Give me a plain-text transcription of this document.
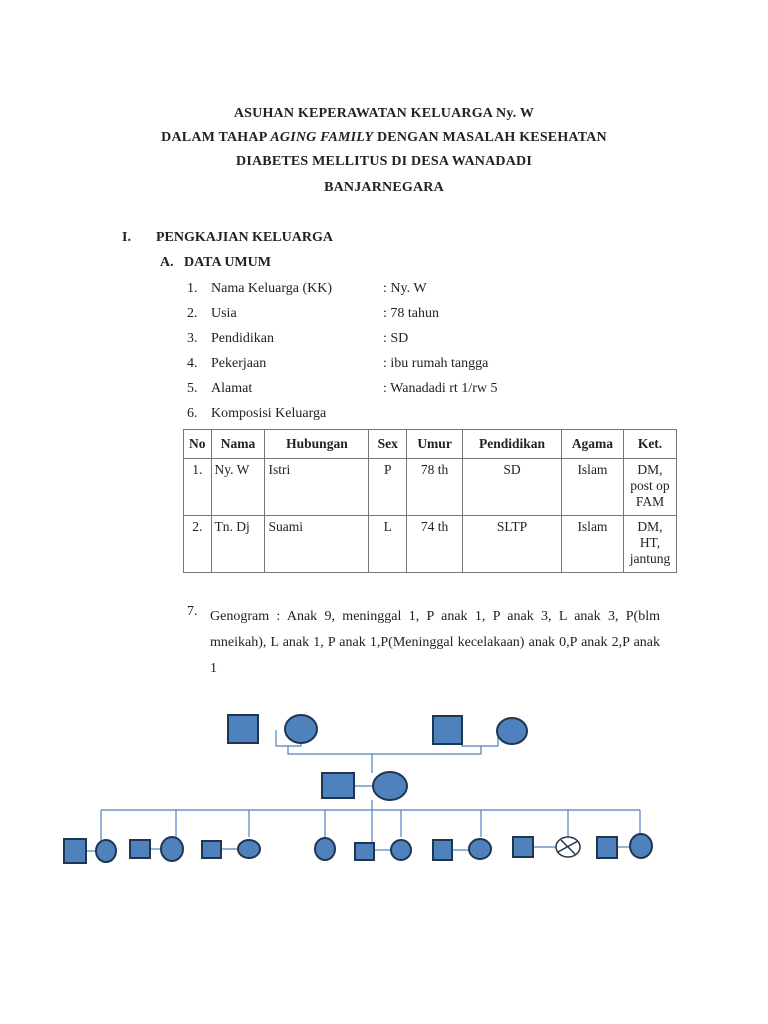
ASUHAN KEPERAWATAN KELUARGA Ny. W
DALAM TAHAP AGING FAMILY DENGAN MASALAH KESEHATAN
DIABETES MELLITUS DI DESA WANADADI
BANJARNEGARA
I. PENGKAJIAN KELUARGA
A. DATA UMUM
1. Nama Keluarga (KK)	: Ny. W
2. Usia	: 78 tahun
3. Pendidikan	: SD
4. Pekerjaan	: ibu rumah tangga
5. Alamat	: Wanadadi rt 1/rw 5
6. Komposisi Keluarga
No	Nama	Hubungan	Sex	Umur	Pendidikan	Agama	Ket.
1.	Ny. W	Istri	P	78 th	SD	Islam	DM, post op FAM
2.	Tn. Dj	Suami	L	74 th	SLTP	Islam	DM, HT, jantung
7. Genogram : Anak 9, meninggal 1, P anak 1, P anak 3, L anak 3, P(blm mneikah), L anak 1, P anak 1,P(Meninggal kecelakaan) anak 0,P anak 2,P anak 1
